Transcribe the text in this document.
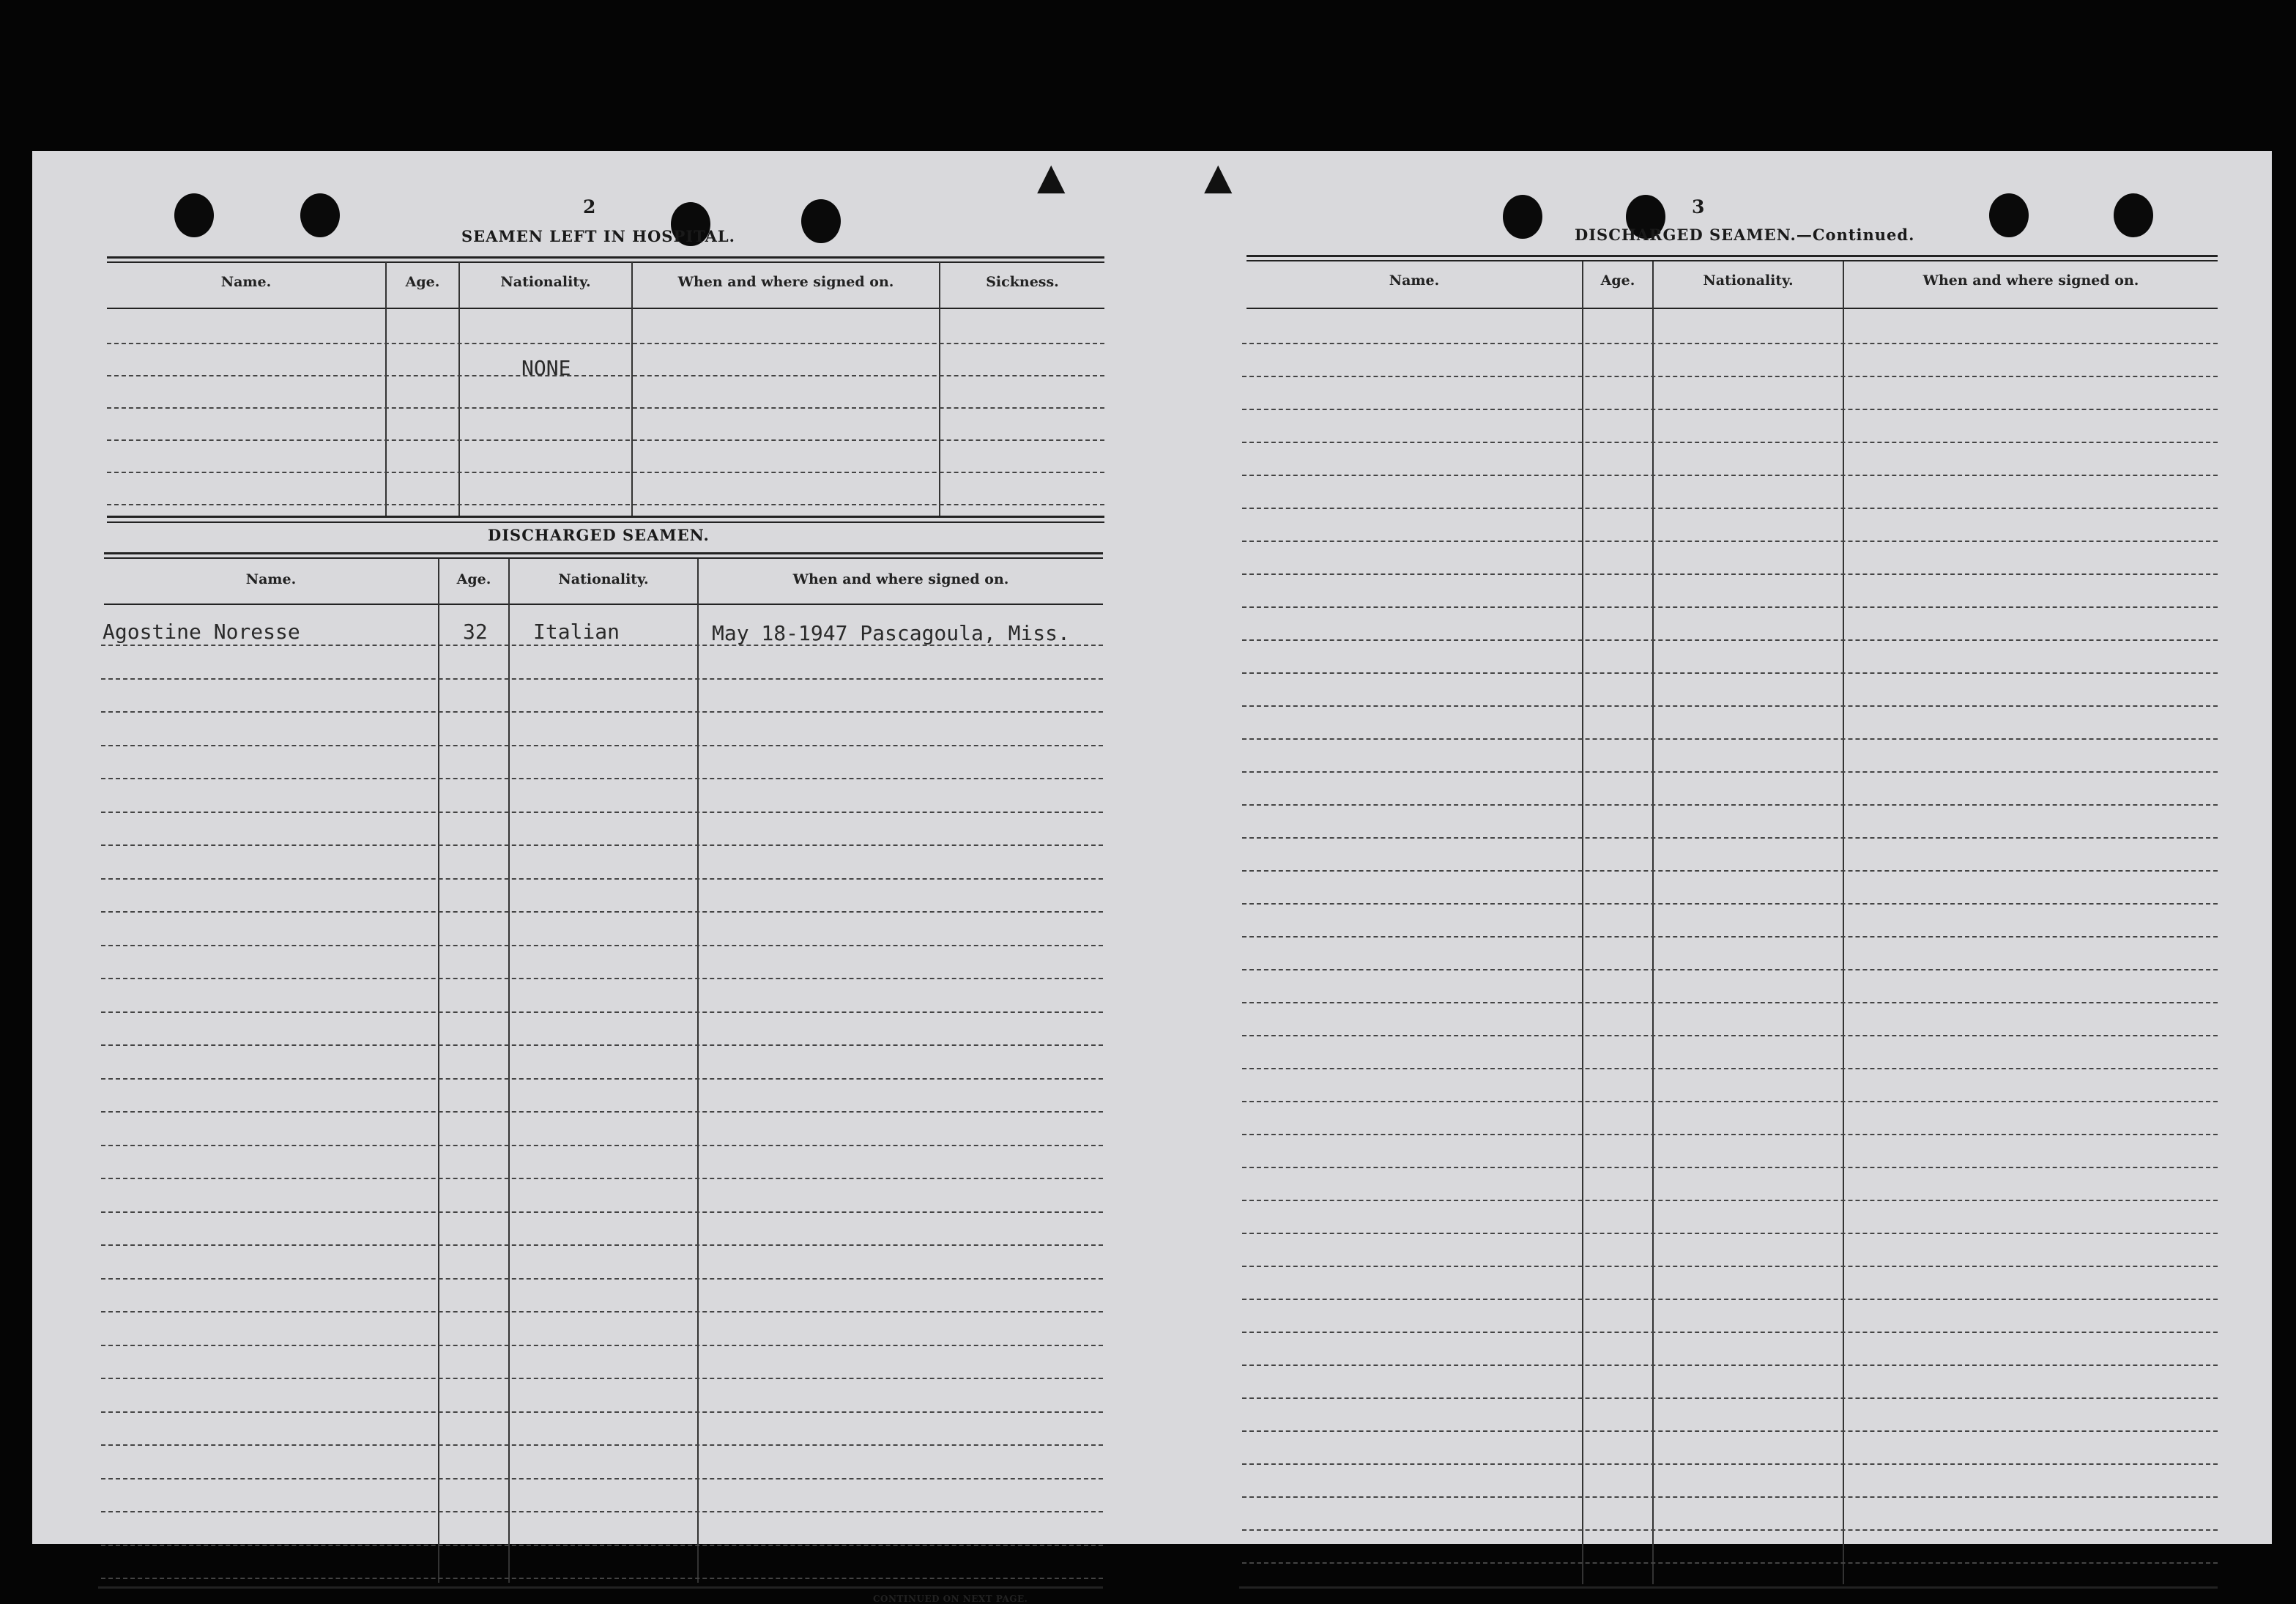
▲	▲
2
SEAMEN LEFT IN HOSPITAL.
Name.	Age.	Nationality.	When and where signed on.	Sickness.
NONE
DISCHARGED SEAMEN.
Name.	Age.	Nationality.	When and where signed on.
Agostine Noresse	32 Italian	May 18-1947 Pascagoula, Miss.
CONTINUED ON NEXT PAGE.
3
DISCHARGED SEAMEN.—Continued.
Name.	Age.	Nationality.	When and where signed on.
